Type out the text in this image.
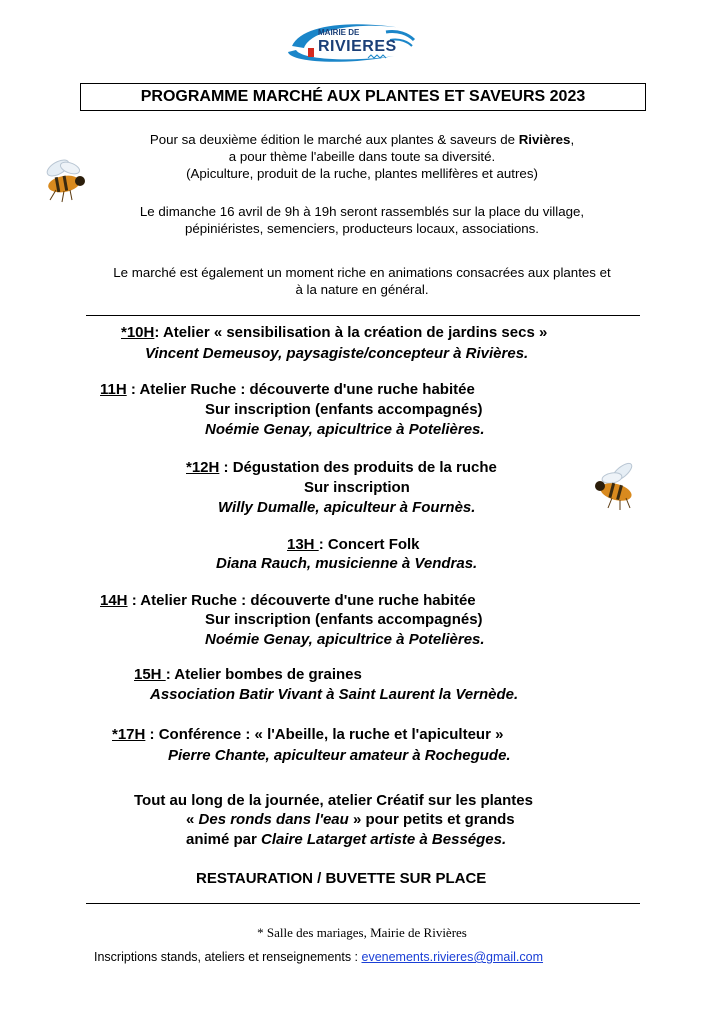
MAIRIE DE
RIVIERES
PROGRAMME MARCHÉ AUX PLANTES ET SAVEURS 2023

Pour sa deuxième édition le marché aux plantes & saveurs de Rivières,

a pour thème l'abeille dans toute sa diversité.

(Apiculture, produit de la ruche, plantes mellifères et autres)

Le dimanche 16 avril de 9h à 19h seront rassemblés sur la place du village,

pépiniéristes, semenciers, producteurs locaux, associations.

Le marché est également un moment riche en animations consacrées aux plantes et

à la nature en général.

*10H: Atelier « sensibilisation à la création de jardins secs »
Vincent Demeusoy, paysagiste/concepteur à Rivières.
11H : Atelier Ruche : découverte d'une ruche habitée
Sur inscription (enfants accompagnés)
Noémie Genay, apicultrice à Potelières.
*12H : Dégustation des produits de la ruche
Sur inscription
Willy Dumalle, apiculteur à Fournès.
13H : Concert Folk
Diana Rauch, musicienne à Vendras.
14H : Atelier Ruche : découverte d'une ruche habitée
Sur inscription (enfants accompagnés)
Noémie Genay, apicultrice à Potelières.
15H : Atelier bombes de graines
Association Batir Vivant à Saint Laurent la Vernède.
*17H : Conférence : « l'Abeille, la ruche et l'apiculteur »
Pierre Chante, apiculteur amateur à Rochegude.
Tout au long de la journée, atelier Créatif sur les plantes
« Des ronds dans l'eau » pour petits et grands
animé par Claire Latarget artiste à Bességes.
RESTAURATION / BUVETTE SUR PLACE
* Salle des mariages, Mairie de Rivières
Inscriptions stands, ateliers et renseignements : evenements.rivieres@gmail.com
